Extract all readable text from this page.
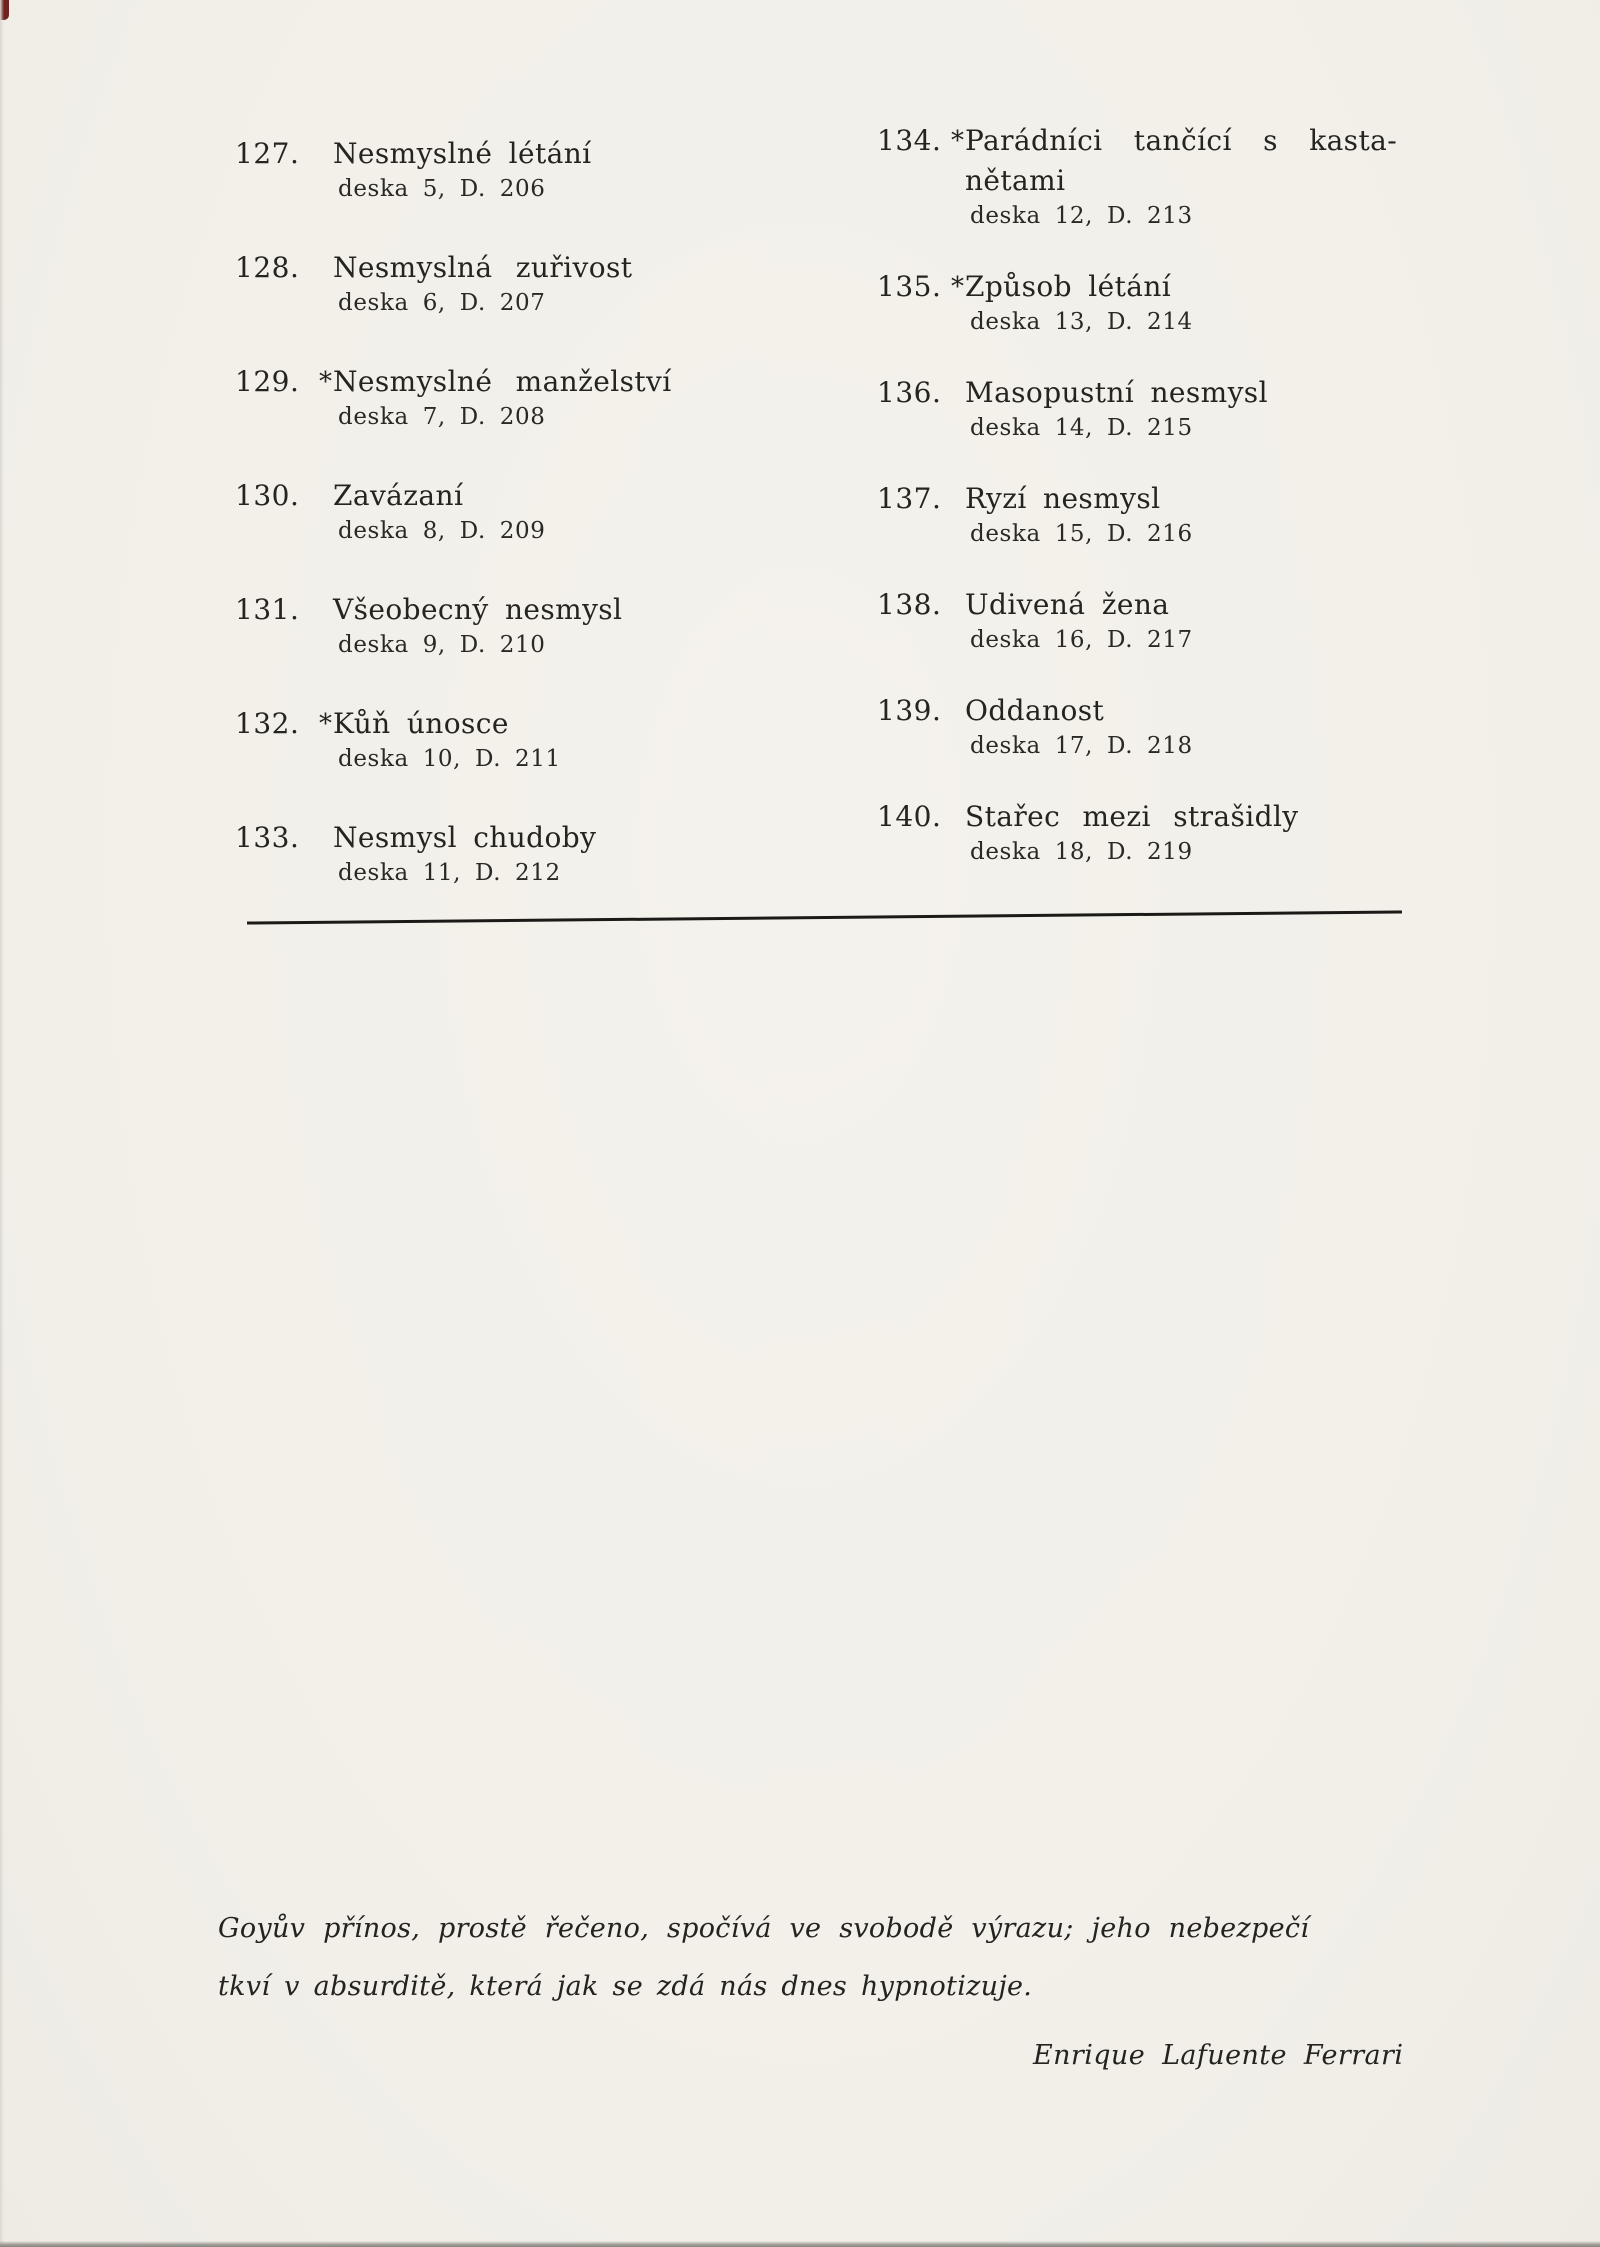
127.	Nesmyslné létání
deska 5, D. 206
128.	Nesmyslná zuřivost
deska 6, D. 207
129. * Nesmyslné manželství
deska 7, D. 208
130.	Zavázaní
deska 8, D. 209
131.	Všeobecný nesmysl
deska 9, D. 210
132. * Kůň únosce
deska 10, D. 211
133.	Nesmysl chudoby
deska 11, D. 212
134. * Parádníci tančící s kasta-
nětami
deska 12, D. 213
135. * Způsob létání
deska 13, D. 214
136. Masopustní nesmysl
deska 14, D. 215
137. Ryzí nesmysl
deska 15, D. 216
138. Udivená žena
deska 16, D. 217
139. Oddanost
deska 17, D. 218
140. Stařec mezi strašidly
deska 18, D. 219
Goyův přínos, prostě řečeno, spočívá ve svobodě výrazu; jeho nebezpečí
tkví v absurditě, která jak se zdá nás dnes hypnotizuje.
Enrique Lafuente Ferrari
